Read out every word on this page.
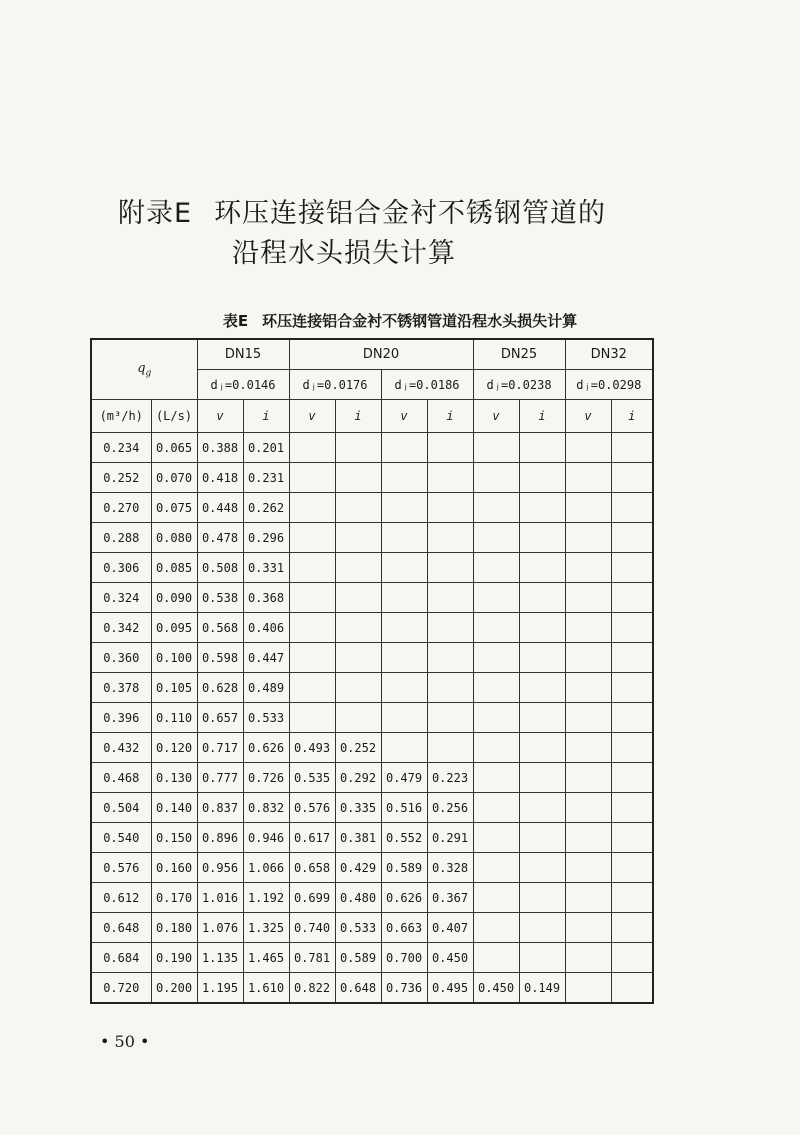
附录E 环压连接铝合金衬不锈钢管道的
沿程水头损失计算
表E 环压连接铝合金衬不锈钢管道沿程水头损失计算
$q_g$		DN15		DN20				DN25		DN32	
		dⱼ=0.0146		dⱼ=0.0176		dⱼ=0.0186		dⱼ=0.0238		dⱼ=0.0298	
(m³/h)	(L/s)	v	i	v	i	v	i	v	i	v	i
0.234	0.065	0.388	0.201								
0.252	0.070	0.418	0.231								
0.270	0.075	0.448	0.262								
0.288	0.080	0.478	0.296								
0.306	0.085	0.508	0.331								
0.324	0.090	0.538	0.368								
0.342	0.095	0.568	0.406								
0.360	0.100	0.598	0.447								
0.378	0.105	0.628	0.489								
0.396	0.110	0.657	0.533								
0.432	0.120	0.717	0.626	0.493	0.252						
0.468	0.130	0.777	0.726	0.535	0.292	0.479	0.223				
0.504	0.140	0.837	0.832	0.576	0.335	0.516	0.256				
0.540	0.150	0.896	0.946	0.617	0.381	0.552	0.291				
0.576	0.160	0.956	1.066	0.658	0.429	0.589	0.328				
0.612	0.170	1.016	1.192	0.699	0.480	0.626	0.367				
0.648	0.180	1.076	1.325	0.740	0.533	0.663	0.407				
0.684	0.190	1.135	1.465	0.781	0.589	0.700	0.450				
0.720	0.200	1.195	1.610	0.822	0.648	0.736	0.495	0.450	0.149		
• 50 •
